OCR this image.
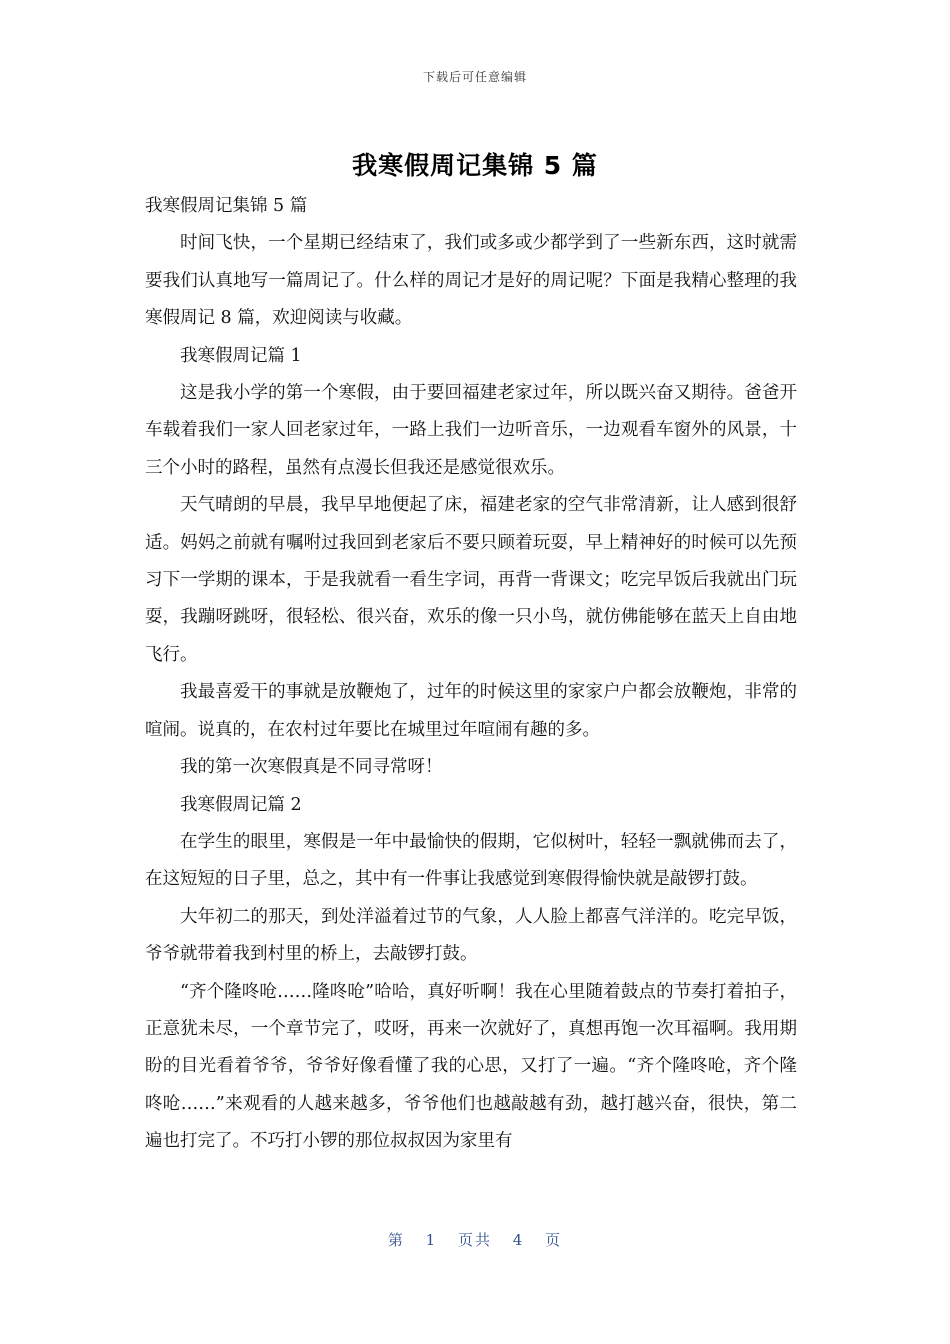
下载后可任意编辑
我寒假周记集锦 5 篇

我寒假周记集锦 5 篇

时间飞快，一个星期已经结束了，我们或多或少都学到了一些新东西，这时就需要我们认真地写一篇周记了。什么样的周记才是好的周记呢？下面是我精心整理的我寒假周记 8 篇，欢迎阅读与收藏。

我寒假周记篇 1

这是我小学的第一个寒假，由于要回福建老家过年，所以既兴奋又期待。爸爸开车载着我们一家人回老家过年，一路上我们一边听音乐，一边观看车窗外的风景，十三个小时的路程，虽然有点漫长但我还是感觉很欢乐。

天气晴朗的早晨，我早早地便起了床，福建老家的空气非常清新，让人感到很舒适。妈妈之前就有嘱咐过我回到老家后不要只顾着玩耍，早上精神好的时候可以先预习下一学期的课本，于是我就看一看生字词，再背一背课文；吃完早饭后我就出门玩耍，我蹦呀跳呀，很轻松、很兴奋，欢乐的像一只小鸟，就仿佛能够在蓝天上自由地飞行。

我最喜爱干的事就是放鞭炮了，过年的时候这里的家家户户都会放鞭炮，非常的喧闹。说真的，在农村过年要比在城里过年喧闹有趣的多。

我的第一次寒假真是不同寻常呀！

我寒假周记篇 2

在学生的眼里，寒假是一年中最愉快的假期，它似树叶，轻轻一飘就佛而去了，在这短短的日子里，总之，其中有一件事让我感觉到寒假得愉快就是敲锣打鼓。

大年初二的那天，到处洋溢着过节的气象，人人脸上都喜气洋洋的。吃完早饭，爷爷就带着我到村里的桥上，去敲锣打鼓。

“齐个隆咚呛……隆咚呛”哈哈，真好听啊！我在心里随着鼓点的节奏打着拍子，正意犹未尽，一个章节完了，哎呀，再来一次就好了，真想再饱一次耳福啊。我用期盼的目光看着爷爷，爷爷好像看懂了我的心思，又打了一遍。“齐个隆咚呛，齐个隆咚呛……”来观看的人越来越多，爷爷他们也越敲越有劲，越打越兴奋，很快，第二遍也打完了。不巧打小锣的那位叔叔因为家里有

第 1 页共 4 页
